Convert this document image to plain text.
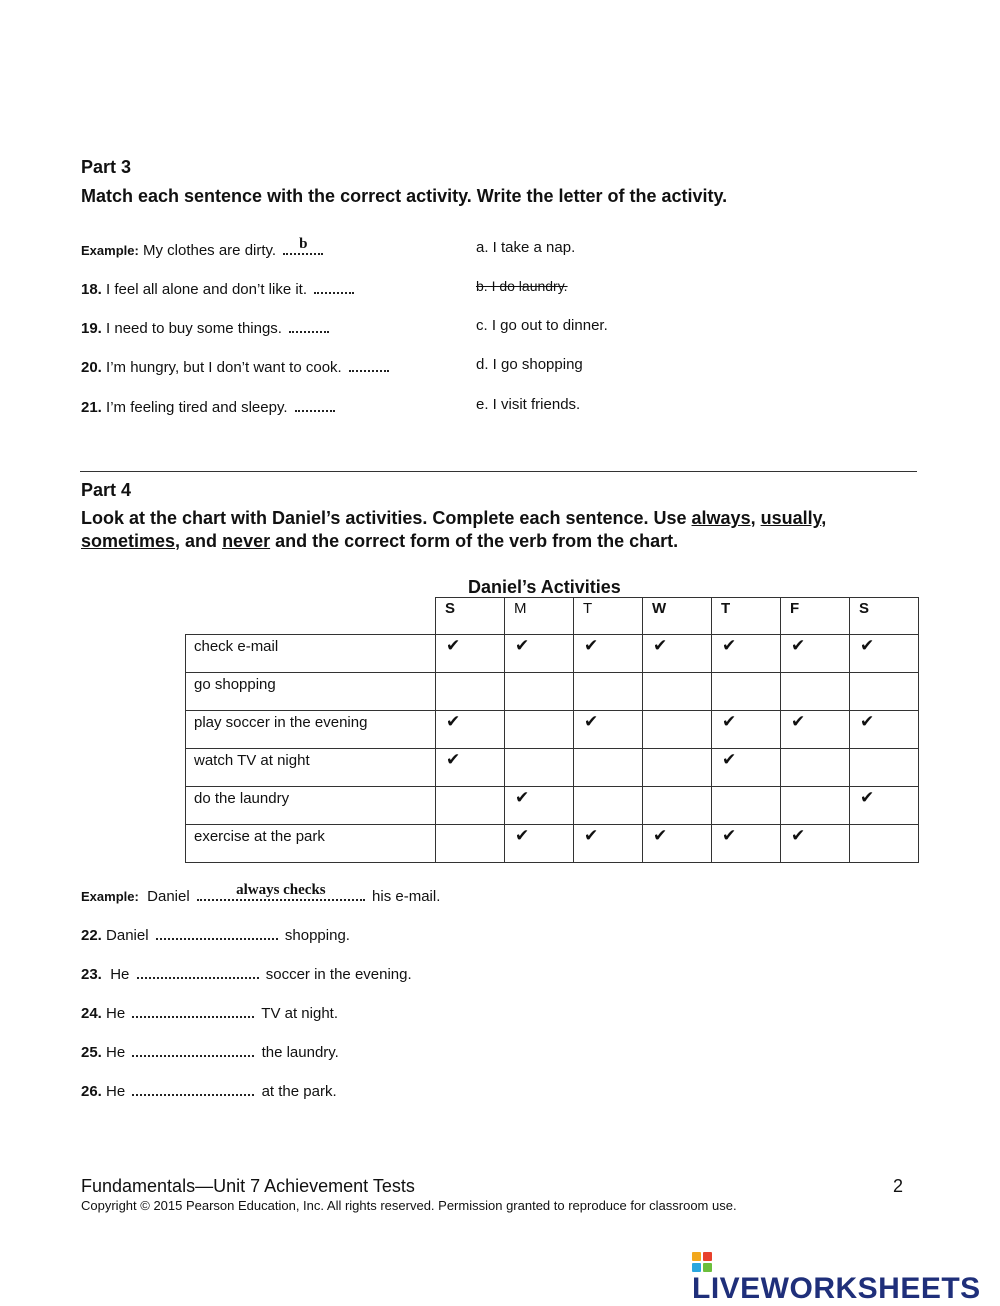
Part 3
Match each sentence with the correct activity. Write the letter of the activity.
Example: My clothes are dirty.	b
18. I feel all alone and don’t like it.
19. I need to buy some things.
20. I’m hungry, but I don’t want to cook.
21. I’m feeling tired and sleepy.
a. I take a nap.
b. I do laundry.
c. I go out to dinner.
d. I go shopping
e. I visit friends.
Part 4
Look at the chart with Daniel’s activities. Complete each sentence. Use always, usually,
sometimes, and never and the correct form of the verb from the chart.
Daniel’s Activities
	S	M	T	W	T	F	S
check e-mail	✔	✔	✔	✔	✔	✔	✔
go shopping							
play soccer in the evening	✔		✔		✔	✔	✔
watch TV at night	✔				✔		
do the laundry		✔					✔
exercise at the park		✔	✔	✔	✔	✔	
Example: Daniel	always checks	his e-mail.
22. Daniel	shopping.
23. He	soccer in the evening.
24. He	TV at night.
25. He	the laundry.
26. He	at the park.
Fundamentals—Unit 7 Achievement Tests	2
Copyright © 2015 Pearson Education, Inc. All rights reserved. Permission granted to reproduce for classroom use.
LIVEWORKSHEETS
